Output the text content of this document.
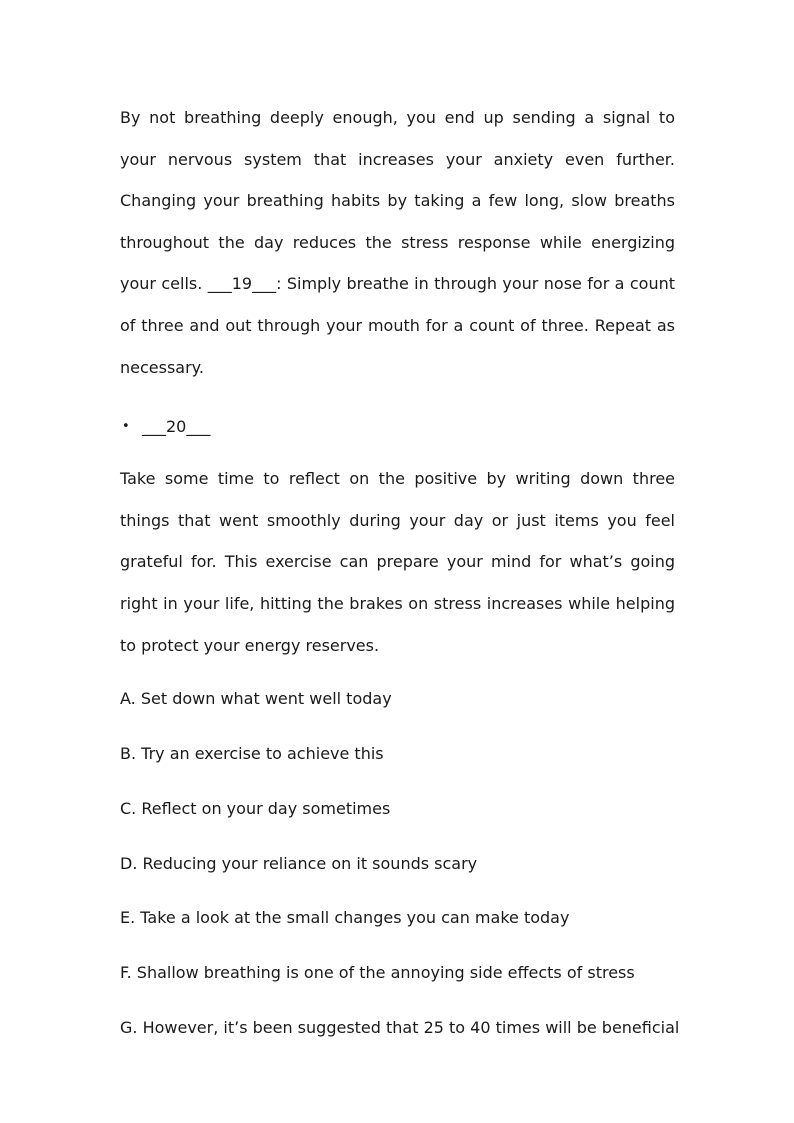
By not breathing deeply enough, you end up sending a signal to your nervous system that increases your anxiety even further. Changing your breathing habits by taking a few long, slow breaths throughout the day reduces the stress response while energizing your cells. ___19___: Simply breathe in through your nose for a count of three and out through your mouth for a count of three. Repeat as necessary.

• ___20___

Take some time to reflect on the positive by writing down three things that went smoothly during your day or just items you feel grateful for. This exercise can prepare your mind for what’s going right in your life, hitting the brakes on stress increases while helping to protect your energy reserves.

A. Set down what went well today
B. Try an exercise to achieve this
C. Reflect on your day sometimes
D. Reducing your reliance on it sounds scary
E. Take a look at the small changes you can make today
F. Shallow breathing is one of the annoying side effects of stress
G. However, it’s been suggested that 25 to 40 times will be beneficial
